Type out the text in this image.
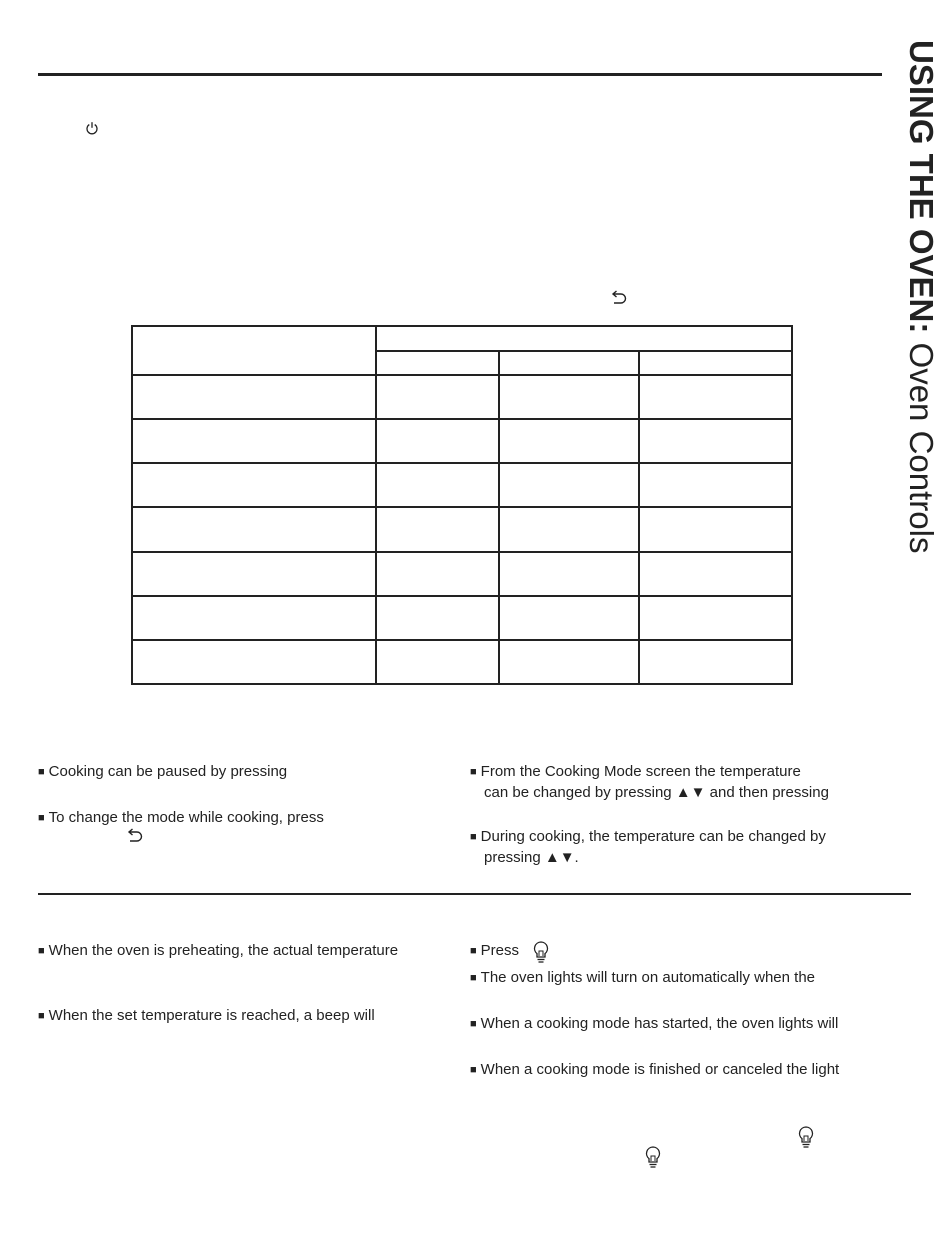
USING THE OVEN: Oven Controls

■ Cooking can be paused by pressing

■ To change the mode while cooking, press

■ From the Cooking Mode screen the temperature
can be changed by pressing ▲▼ and then pressing

■ During cooking, the temperature can be changed by
pressing ▲▼.

■ When the oven is preheating, the actual temperature

■ When the set temperature is reached, a beep will

■ Press

■ The oven lights will turn on automatically when the

■ When a cooking mode has started, the oven lights will

■ When a cooking mode is finished or canceled the light
